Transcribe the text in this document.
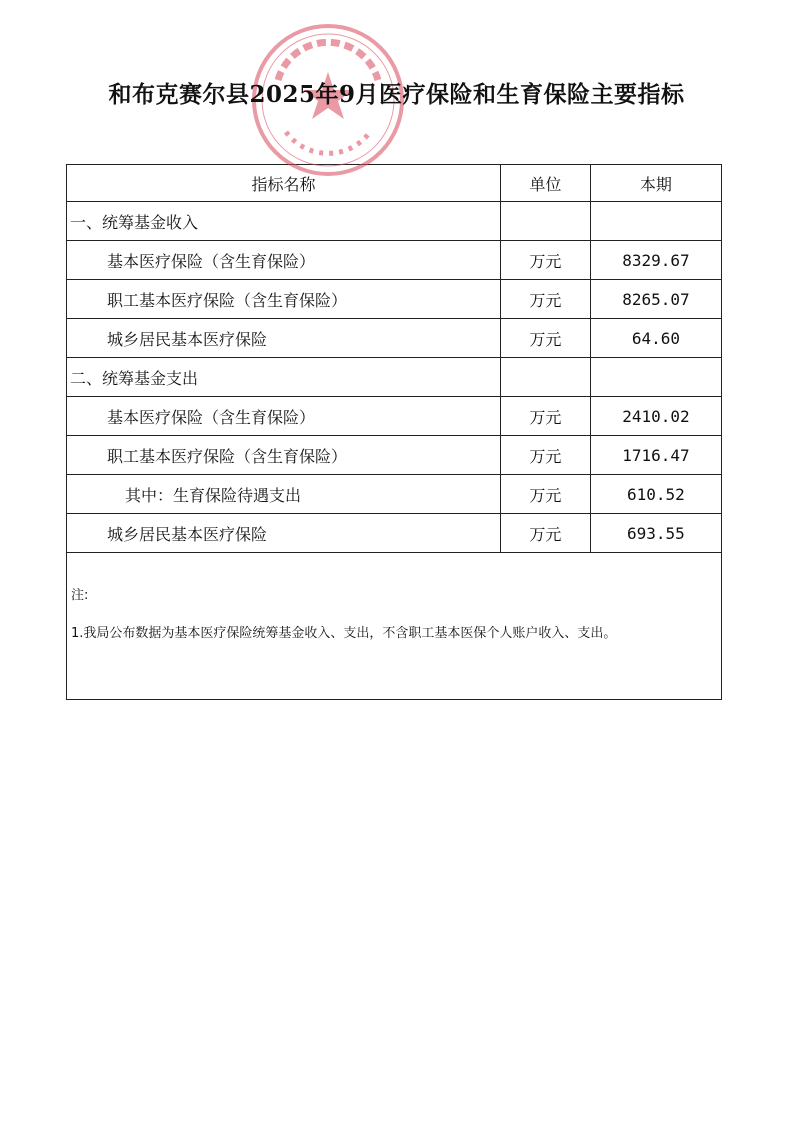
和布克赛尔县2025年9月医疗保险和生育保险主要指标
指标名称	单位	本期
一、统筹基金收入		
基本医疗保险（含生育保险）	万元	8329.67
职工基本医疗保险（含生育保险）	万元	8265.07
城乡居民基本医疗保险	万元	64.60
二、统筹基金支出		
基本医疗保险（含生育保险）	万元	2410.02
职工基本医疗保险（含生育保险）	万元	1716.47
其中：生育保险待遇支出	万元	610.52
城乡居民基本医疗保险	万元	693.55
注:
1.我局公布数据为基本医疗保险统筹基金收入、支出，不含职工基本医保个人账户收入、支出。
